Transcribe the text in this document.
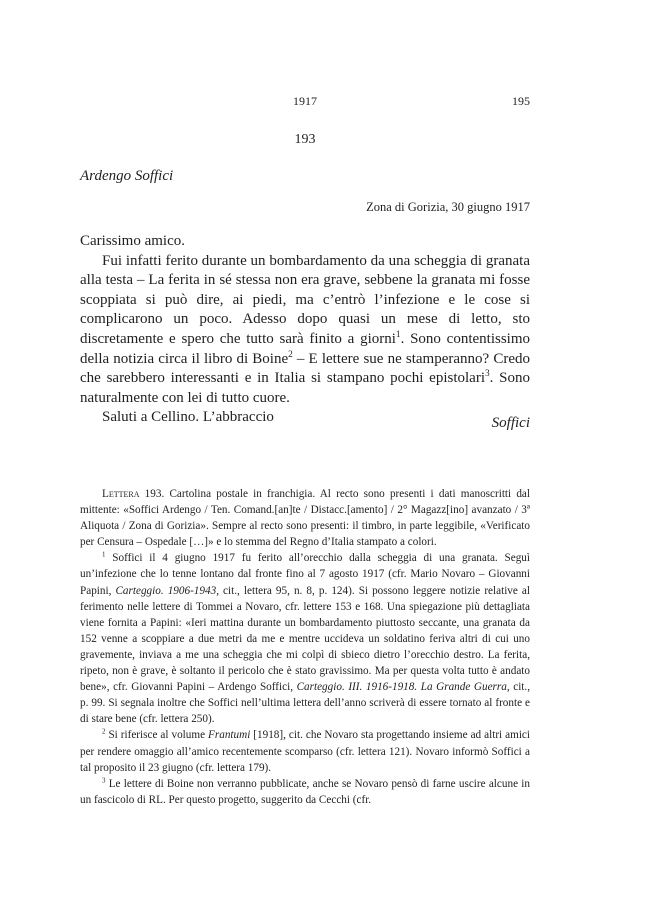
1917	195
193
Ardengo Soffici
Zona di Gorizia, 30 giugno 1917

Carissimo amico.

Fui infatti ferito durante un bombardamento da una scheggia di granata alla testa – La ferita in sé stessa non era grave, sebbene la granata mi fosse scoppiata si può dire, ai piedi, ma c’entrò l’infezione e le cose si complicarono un poco. Adesso dopo quasi un mese di letto, sto discretamente e spero che tutto sarà finito a giorni$^1$. Sono contentissimo della notizia circa il libro di Boine$^2$ – E lettere sue ne stamperanno? Credo che sarebbero interessanti e in Italia si stampano pochi epistolari$^3$. Sono naturalmente con lei di tutto cuore.

Saluti a Cellino. L’abbraccio	Soffici

Lettera 193. Cartolina postale in franchigia. Al recto sono presenti i dati manoscritti dal mittente: «Soffici Ardengo / Ten. Comand.[an]te / Distacc.[amento] / 2° Magazz[ino] avanzato / 3ª Aliquota / Zona di Gorizia». Sempre al recto sono presenti: il timbro, in parte leggibile, «Verificato per Censura – Ospedale […]» e lo stemma del Regno d’Italia stampato a colori.

$^1$ Soffici il 4 giugno 1917 fu ferito all’orecchio dalla scheggia di una granata. Seguì un’infezione che lo tenne lontano dal fronte fino al 7 agosto 1917 (cfr. Mario Novaro – Giovanni Papini, Carteggio. 1906-1943, cit., lettera 95, n. 8, p. 124). Si possono leggere notizie relative al ferimento nelle lettere di Tommei a Novaro, cfr. lettere 153 e 168. Una spiegazione più dettagliata viene fornita a Papini: «Ieri mattina durante un bombardamento piuttosto seccante, una granata da 152 venne a scoppiare a due metri da me e mentre uccideva un soldatino feriva altri di cui uno gravemente, inviava a me una scheggia che mi colpì di sbieco dietro l’orecchio destro. La ferita, ripeto, non è grave, è soltanto il pericolo che è stato gravissimo. Ma per questa volta tutto è andato bene», cfr. Giovanni Papini – Ardengo Soffici, Carteggio. III. 1916-1918. La Grande Guerra, cit., p. 99. Si segnala inoltre che Soffici nell’ultima lettera dell’anno scriverà di essere tornato al fronte e di stare bene (cfr. lettera 250).

$^2$ Si riferisce al volume Frantumi [1918], cit. che Novaro sta progettando insieme ad altri amici per rendere omaggio all’amico recentemente scomparso (cfr. lettera 121). Novaro informò Soffici a tal proposito il 23 giugno (cfr. lettera 179).

$^3$ Le lettere di Boine non verranno pubblicate, anche se Novaro pensò di farne uscire alcune in un fascicolo di RL. Per questo progetto, suggerito da Cecchi (cfr.
